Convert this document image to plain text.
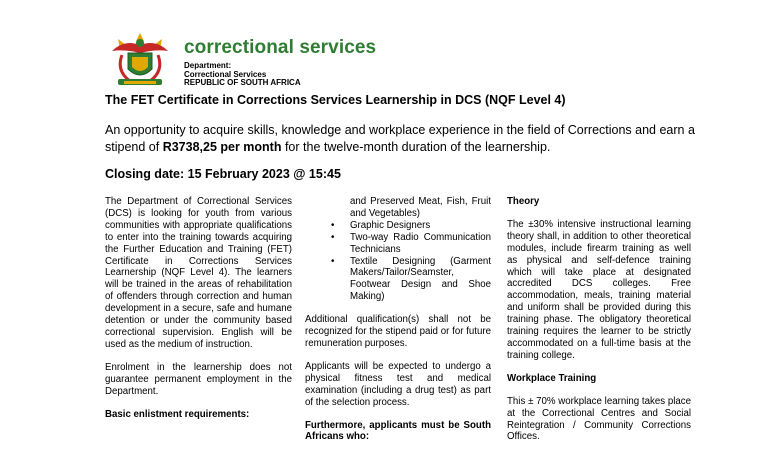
correctional services
Department:
Correctional Services
REPUBLIC OF SOUTH AFRICA
The FET Certificate in Corrections Services Learnership in DCS (NQF Level 4)
An opportunity to acquire skills, knowledge and workplace experience in the field of Corrections and earn a stipend of R3738,25 per month for the twelve-month duration of the learnership.
Closing date: 15 February 2023 @ 15:45

The Department of Correctional Services (DCS) is looking for youth from various communities with appropriate qualifications to enter into the training towards acquiring the Further Education and Training (FET) Certificate in Corrections Services Learnership (NQF Level 4). The learners will be trained in the areas of rehabilitation of offenders through correction and human development in a secure, safe and humane detention or under the community based correctional supervision. English will be used as the medium of instruction.

Enrolment in the learnership does not guarantee permanent employment in the Department.

Basic enlistment requirements:

and Preserved Meat, Fish, Fruit and Vegetables)
• Graphic Designers
• Two-way Radio Communication Technicians
• Textile Designing (Garment Makers/Tailor/Seamster, Footwear Design and Shoe Making)

Additional qualification(s) shall not be recognized for the stipend paid or for future remuneration purposes.

Applicants will be expected to undergo a physical fitness test and medical examination (including a drug test) as part of the selection process.

Furthermore, applicants must be South Africans who:

Theory

The ±30% intensive instructional learning theory shall, in addition to other theoretical modules, include firearm training as well as physical and self-defence training which will take place at designated accredited DCS colleges. Free accommodation, meals, training material and uniform shall be provided during this training phase. The obligatory theoretical training requires the learner to be strictly accommodated on a full-time basis at the training college.

Workplace Training

This ± 70% workplace learning takes place at the Correctional Centres and Social Reintegration / Community Corrections Offices.
